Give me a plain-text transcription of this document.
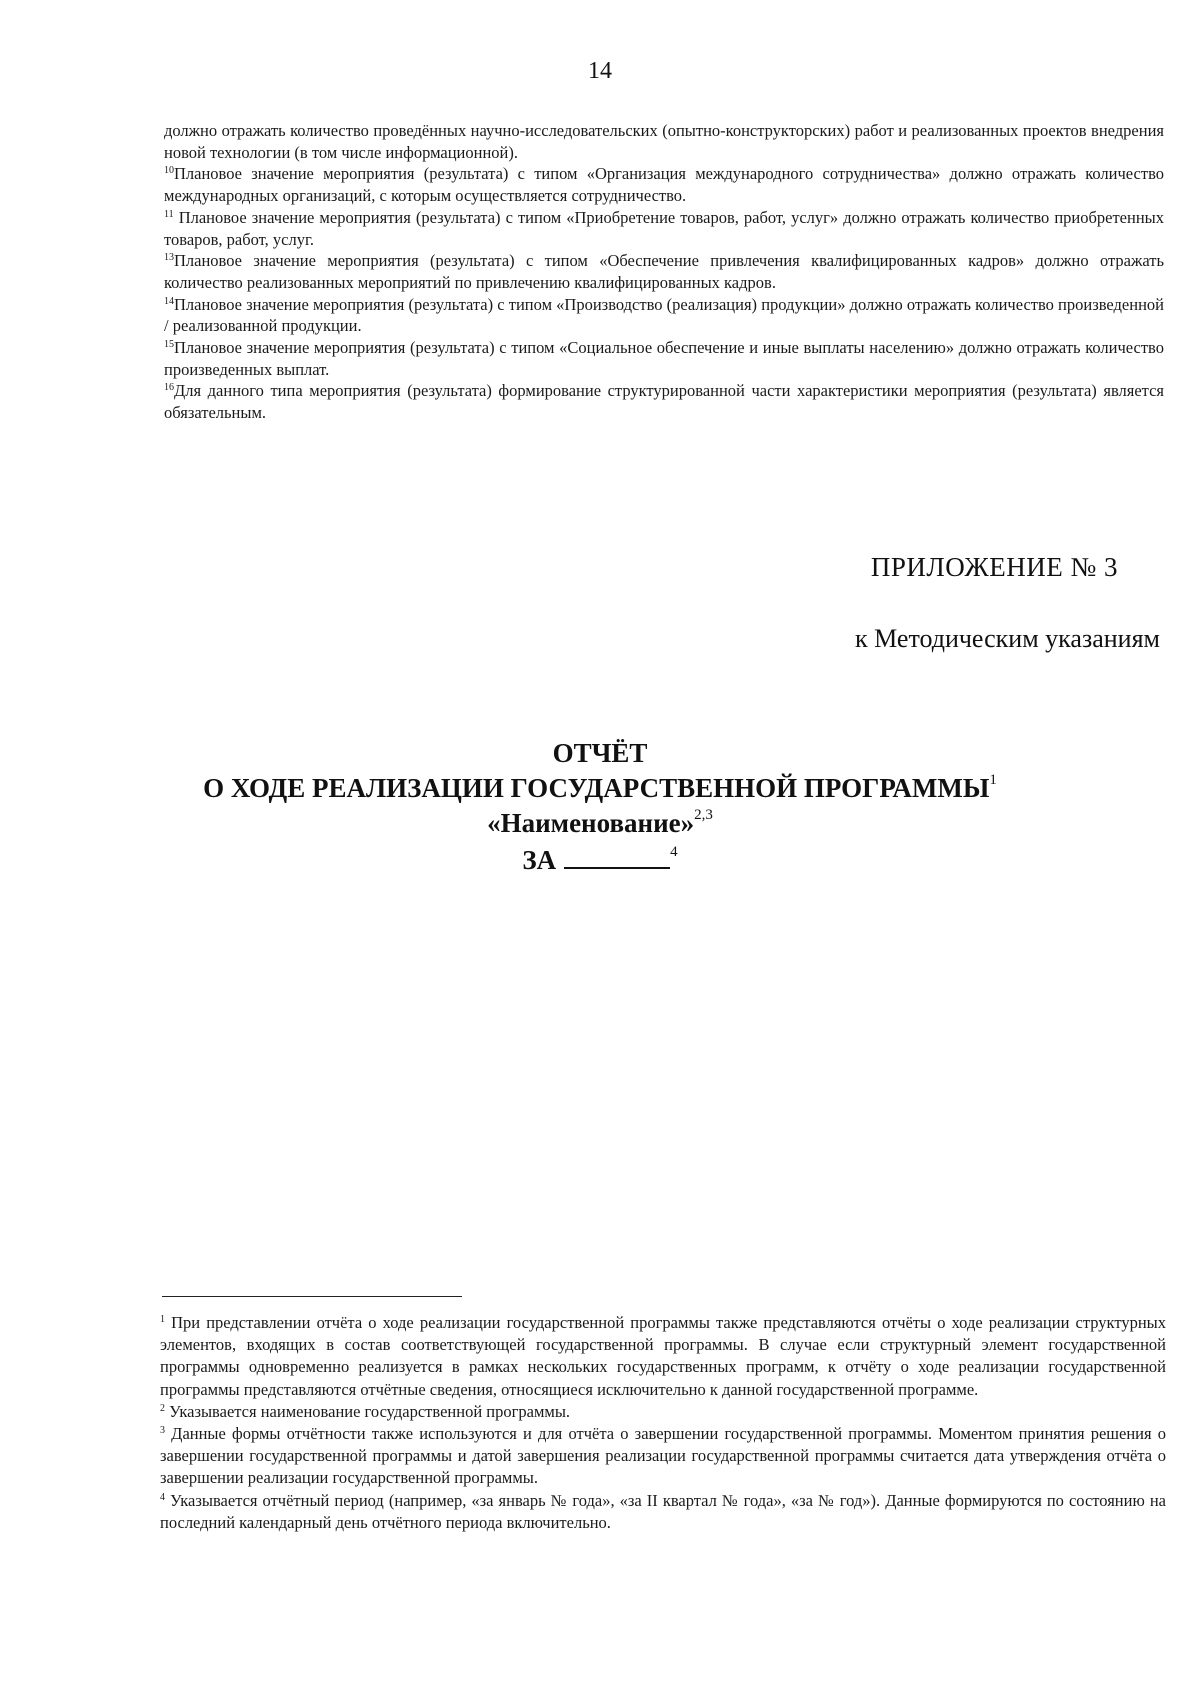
14

должно отражать количество проведённых научно-исследовательских (опытно-конструкторских) работ и реализованных проектов внедрения новой технологии (в том числе информационной).

$^{10}$Плановое значение мероприятия (результата) с типом «Организация международного сотрудничества» должно отражать количество международных организаций, с которым осуществляется сотрудничество.

$^{11}$ Плановое значение мероприятия (результата) с типом «Приобретение товаров, работ, услуг» должно отражать количество приобретенных товаров, работ, услуг.

$^{13}$Плановое значение мероприятия (результата) с типом «Обеспечение привлечения квалифицированных кадров» должно отражать количество реализованных мероприятий по привлечению квалифицированных кадров.

$^{14}$Плановое значение мероприятия (результата) с типом «Производство (реализация) продукции» должно отражать количество произведенной / реализованной продукции.

$^{15}$Плановое значение мероприятия (результата) с типом «Социальное обеспечение и иные выплаты населению» должно отражать количество произведенных выплат.

$^{16}$Для данного типа мероприятия (результата) формирование структурированной части характеристики мероприятия (результата) является обязательным.

ПРИЛОЖЕНИЕ № 3
к Методическим указаниям
ОТЧЁТ
О ХОДЕ РЕАЛИЗАЦИИ ГОСУДАРСТВЕННОЙ ПРОГРАММЫ$^1$
«Наименование»$^{2,3}$
ЗА	$^4$

$^1$ При представлении отчёта о ходе реализации государственной программы также представляются отчёты о ходе реализации структурных элементов, входящих в состав соответствующей государственной программы. В случае если структурный элемент государственной программы одновременно реализуется в рамках нескольких государственных программ, к отчёту о ходе реализации государственной программы представляются отчётные сведения, относящиеся исключительно к данной государственной программе.

$^2$ Указывается наименование государственной программы.

$^3$ Данные формы отчётности также используются и для отчёта о завершении государственной программы. Моментом принятия решения о завершении государственной программы и датой завершения реализации государственной программы считается дата утверждения отчёта о завершении реализации государственной программы.

$^4$ Указывается отчётный период (например, «за январь № года», «за II квартал № года», «за № год»). Данные формируются по состоянию на последний календарный день отчётного периода включительно.
